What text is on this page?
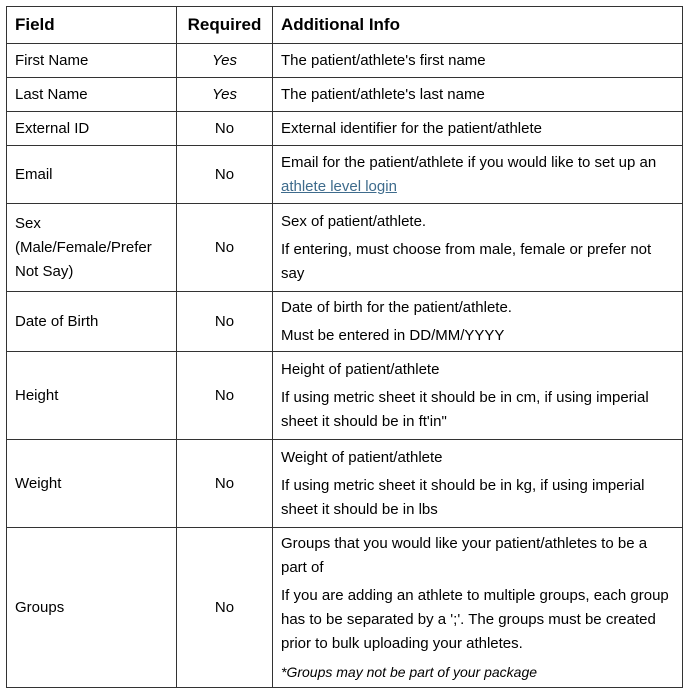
Field	Required	Additional Info
First Name	Yes	The patient/athlete's first name

Last Name	Yes	The patient/athlete's last name

External ID	No	External identifier for the patient/athlete

Email	No	Email for the patient/athlete if you would like to set up an athlete level login

Sex (Male/Female/Prefer Not Say)	No	Sex of patient/athlete.

If entering, must choose from male, female or prefer not say

Date of Birth	No	Date of birth for the patient/athlete.

Must be entered in DD/MM/YYYY

Height	No	Height of patient/athlete

If using metric sheet it should be in cm, if using imperial sheet it should be in ft'in"

Weight	No	Weight of patient/athlete

If using metric sheet it should be in kg, if using imperial sheet it should be in lbs

Groups	No	Groups that you would like your patient/athletes to be a part of

If you are adding an athlete to multiple groups, each group has to be separated by a ';'. The groups must be created prior to bulk uploading your athletes.

*Groups may not be part of your package
